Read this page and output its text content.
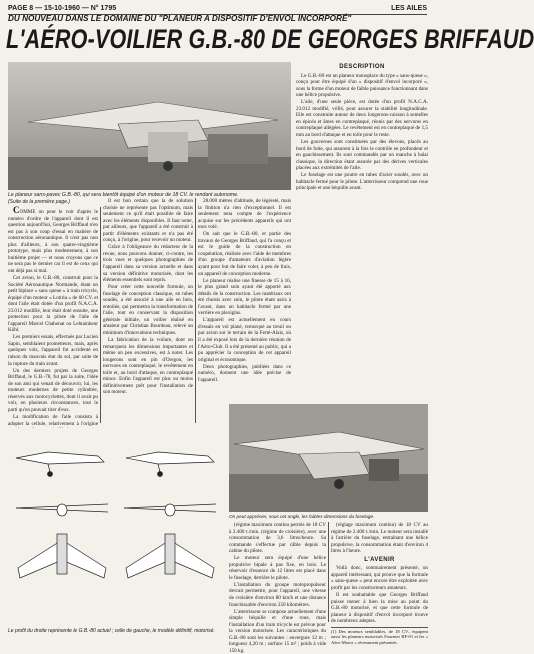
PAGE 8 — 15-10-1960 — N° 1795	LES AILES
DU NOUVEAU DANS LE DOMAINE DU "PLANEUR A DISPOSITIF D'ENVOL INCORPORÉ"
L'AÉRO-VOILIER G.B.-80 DE GEORGES BRIFFAUD
Le planeur sans-pavec G.B.-80, qui sera bientôt équipé d'un moteur de 18 CV. le rendant autonome.
(Suite de la première page.)
DESCRIPTION

Le G.B.-80 est un planeur monoplace du type « sans-queue », conçu pour être équipé d'un « dispositif d'envol incorporé », sous la forme d'un moteur de faible puissance fonctionnant dans une hélice propulsive.

L'aile, d'une seule pièce, est dotée d'un profil N.A.C.A. 23.012 modifié, vrillé, pour assurer la stabilité longitudinale. Elle est construite autour de deux longerons-caisson à semelles en épicéa et âmes en contreplaqué, réunis par des nervures en contreplaqué allégées. Le revêtement est en contreplaqué de 1,5 mm au bord d'attaque et en toile pour le reste.

Les gouvernes sont constituées par des élevons, placés au bord de fuite, qui assurent à la fois le contrôle en profondeur et en gauchissement. Ils sont commandés par un manche à balai classique, la direction étant assurée par des dérives verticales placées aux extrémités de l'aile.

Le fuselage est une poutre en tubes d'acier soudés, avec un habitacle fermé pour le pilote. L'atterrisseur comprend une roue principale et une béquille avant.

COMME on peut le voir d'après le numéro d'ordre de l'appareil dont il est question aujourd'hui, Georges Briffaud n'en est pas à son coup d'essai en matière de construction aéronautique. Il n'est pas non plus d'ailleurs, à son quatre-vingtième prototype, mais plus modestement, à son huitième projet — et nous croyons que ce ne sera pas le dernier car il est de ceux qui ont déjà pas si mal.

Cet avion, le G.B.-80, construit pour la Société Aéronautique Normande, étant un petit biplace « sans queue » à train tricycle, équipé d'un moteur « Lotiria » de 60 CV. et dont l'aile était dotée d'un profil N.A.C.A. 23.012 modifié, leur était doté ensuite, une protection pour la pilote de l'aile de l'appareil Marcel Chabonat ou Lehtainheur Köhl.

Les premiers essais, effectués par Lucien Sapin, semblaient prometteurs, mais, après quelques vols, l'appareil fut accidenté en raison du mauvais état du sol, par suite de la rupture du train avant.

Un des derniers projets de Georges Briffaud, le G.B.-78, fut par la suite, l'idée de son ami qui venait de découvrir, lui, les moteurs modernes de petite cylindrée, réservés aux motocyclettes, dont il avait pu voir, en plusieurs circonstances, tout le parti qu'on pouvait tirer d'eux.

La modification de l'aile consista à adopter la cellule, relativement à l'origine

Il est bon certain que la de solution choisie ne représente pas l'optimum, mais seulement ce qu'il était possible de faire avec les éléments disponibles. Il faut noter, par ailleurs, que l'appareil a été construit à partir d'éléments existants et n'a pas été conçu, à l'origine, pour recevoir un moteur.

Grâce à l'obligeance du rédacteur de la revue, nous pouvons donner, ci-contre, les trois vues et quelques photographies de l'appareil dans sa version actuelle et dans sa version définitive motorisée, dont les éléments essentiels sont repris.

Pour créer cette nouvelle formule, un fuselage de conception classique, en tubes soudés, a été associé à une aile en bois, entoilée, qui permettra la transformation de l'aile, tout en conservant la disposition générale initiale, un voilier réalisé en amateur par Christian Bourdeau, relevé un minimum d'innovations techniques.

La fabrication de la voilure, dont on remarquera les dimensions importantes et même un peu excessives, est à noter. Les longerons sont en pin d'Oregon, les nervures en contreplaqué, le revêtement en toile et, au bord d'attaque, en contreplaqué mince. Enfin l'appareil est plus ou moins définitivement prêt pour l'installation de son moteur.

28.000 mètres d'altitude, de légèreté, mais la finition n'a rien d'exceptionnel. Il est seulement tenu compte de l'expérience acquise sur les précédents appareils qui ont tous volé.

On sait que le G.B.-80, et partie des travaux de Georges Briffaud, qui l'a conçu et est le guide de la construction en coopération, réalisée avec l'aide de membres d'un groupe d'amateurs d'aviation légère ayant pour but de faire voler, à peu de frais, un appareil de conception moderne.

Le planeur réalise une finesse de 15 à 16, le plus grand soin ayant été apporté aux détails de la construction. Les matériaux ont été choisis avec soin, le pilote étant assis à l'avant, dans un habitacle fermé par une verrière en plexiglas.

L'appareil est actuellement en cours d'essais en vol plané, remorqué au treuil ou par avion sur le terrain de la Ferté-Alais, où il a été exposé lors de la dernière réunion de l'Aéro-Club. Il a été présenté au public, qui a pu apprécier la conception de cet appareil original et économique.

Deux photographies, publiées dans ce numéro, donnent une idée précise de l'appareil.

On peut apprécier, sous cet angle, les faibles dimensions du fuselage.
Le profil du droite représente le G.B.-80 actuel ; celle de gauche, le modèle définitif, motorisé.

(régime maximum continu permis de 18 CV à 2.400 t./min. (régime de croisière), avec une consommation de 3,6 litres/heure. Sa commande s'effectue par câble depuis la cabine du pilote.

Le moteur sera équipé d'une hélice propulsive bipale à pas fixe, en bois. Le réservoir d'essence de 12 litres est placé dans le fuselage, derrière le pilote.

L'installation du groupe motopropulseur devrait permettre, pour l'appareil, une vitesse de croisière d'environ 80 km/h et une distance franchissable d'environ 250 kilomètres.

L'atterrisseur se compose actuellement d'une simple béquille et d'une roue, mais l'installation d'un train tricycle est prévue pour la version motorisée. Les caractéristiques du G.B.-80 sont les suivantes : envergure 12 m ; longueur 4,20 m ; surface 15 m² ; poids à vide 150 kg.

(réglage maximum continu) de 18 CV au régime de 2.400 t./min. Le moteur sera installé à l'arrière du fuselage, entraînant une hélice propulsive, la consommation étant d'environ 4 litres à l'heure.

L'AVENIR

Voilà donc, sommairement présenté, un appareil intéressant, qui prouve que la formule « sans-queue » peut encore être exploitée avec profit par les constructeurs amateurs.

Il est souhaitable que Georges Briffaud puisse mener à bien la mise au point du G.B.-80 motorisé, et que cette formule de planeur à dispositif d'envol incorporé trouve de nombreux adeptes.

(1) Des moteurs semblables, de 18 CV., équipent aussi les planeurs motorisés Fournier RF-01 et les « Aéro-Motor » récemment présentés.
